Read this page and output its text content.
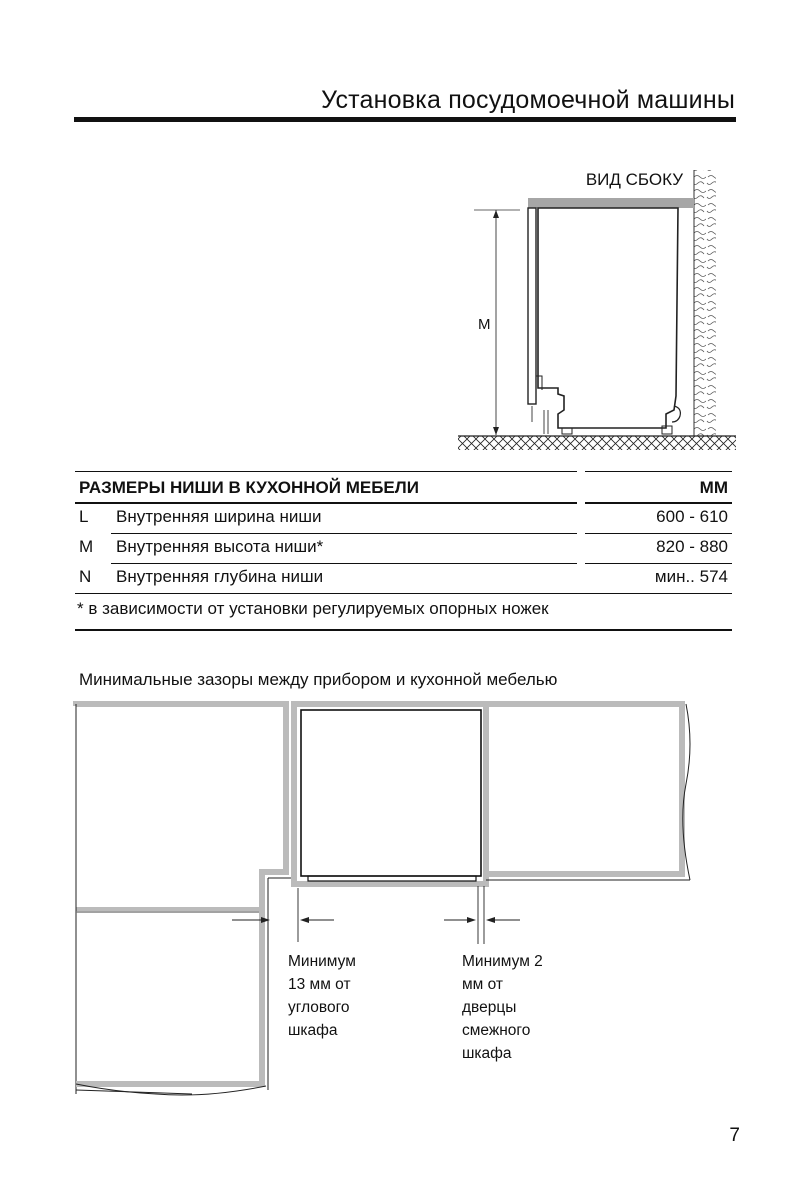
Установка посудомоечной машины
ВИД СБОКУ
M
РАЗМЕРЫ НИШИ В КУХОННОЙ МЕБЕЛИ	ММ
L Внутренняя ширина ниши	600 - 610
M Внутренняя высота ниши*	820 - 880
N Внутренняя глубина ниши	мин.. 574
* в зависимости от установки регулируемых опорных ножек
Минимальные зазоры между прибором и кухонной мебелью
Минимум
13 мм от
углового
шкафа
Минимум 2
мм от
дверцы
смежного
шкафа
7
